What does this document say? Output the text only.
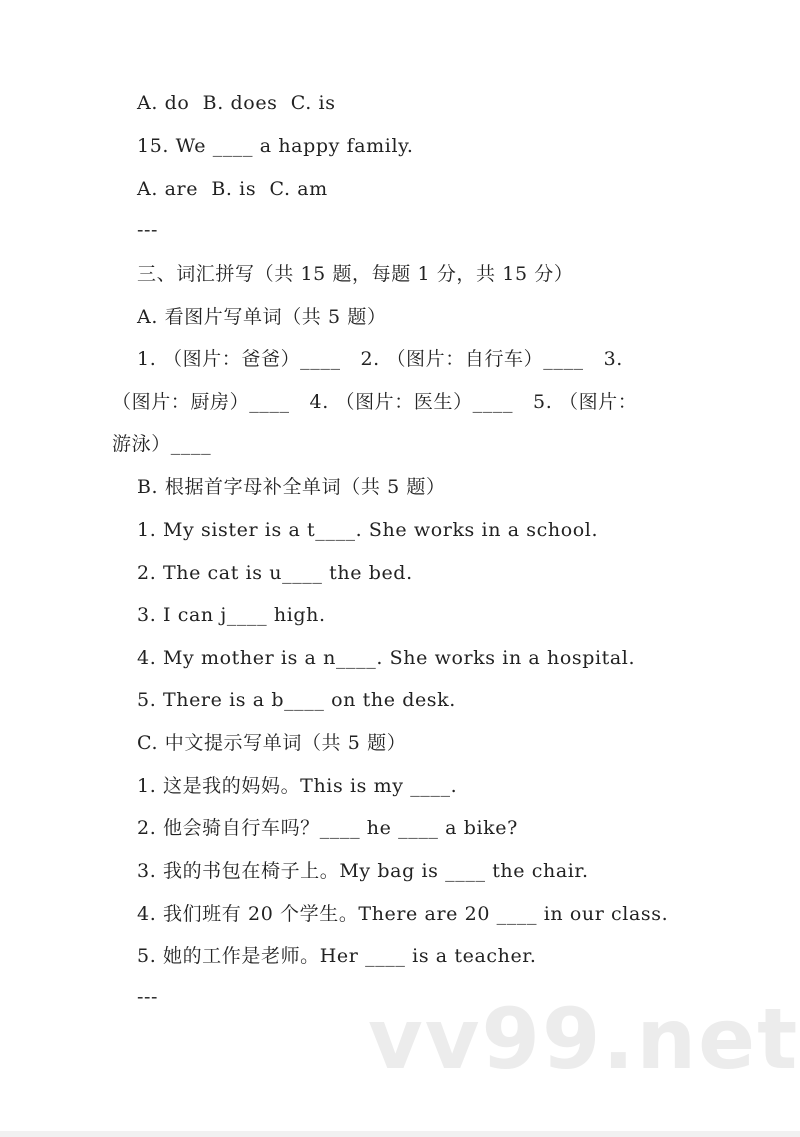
A. do  B. does  C. is
15. We ____ a happy family.
A. are  B. is  C. am
---
三、词汇拼写（共 15 题，每题 1 分，共 15 分）
A. 看图片写单词（共 5 题）
1. （图片：爸爸）____   2. （图片：自行车）____   3.
（图片：厨房）____   4. （图片：医生）____   5. （图片：
游泳）____
B. 根据首字母补全单词（共 5 题）
1. My sister is a t____. She works in a school.
2. The cat is u____ the bed.
3. I can j____ high.
4. My mother is a n____. She works in a hospital.
5. There is a b____ on the desk.
C. 中文提示写单词（共 5 题）
1. 这是我的妈妈。This is my ____.
2. 他会骑自行车吗？____ he ____ a bike?
3. 我的书包在椅子上。My bag is ____ the chair.
4. 我们班有 20 个学生。There are 20 ____ in our class.
5. 她的工作是老师。Her ____ is a teacher.
--- vv99.net
